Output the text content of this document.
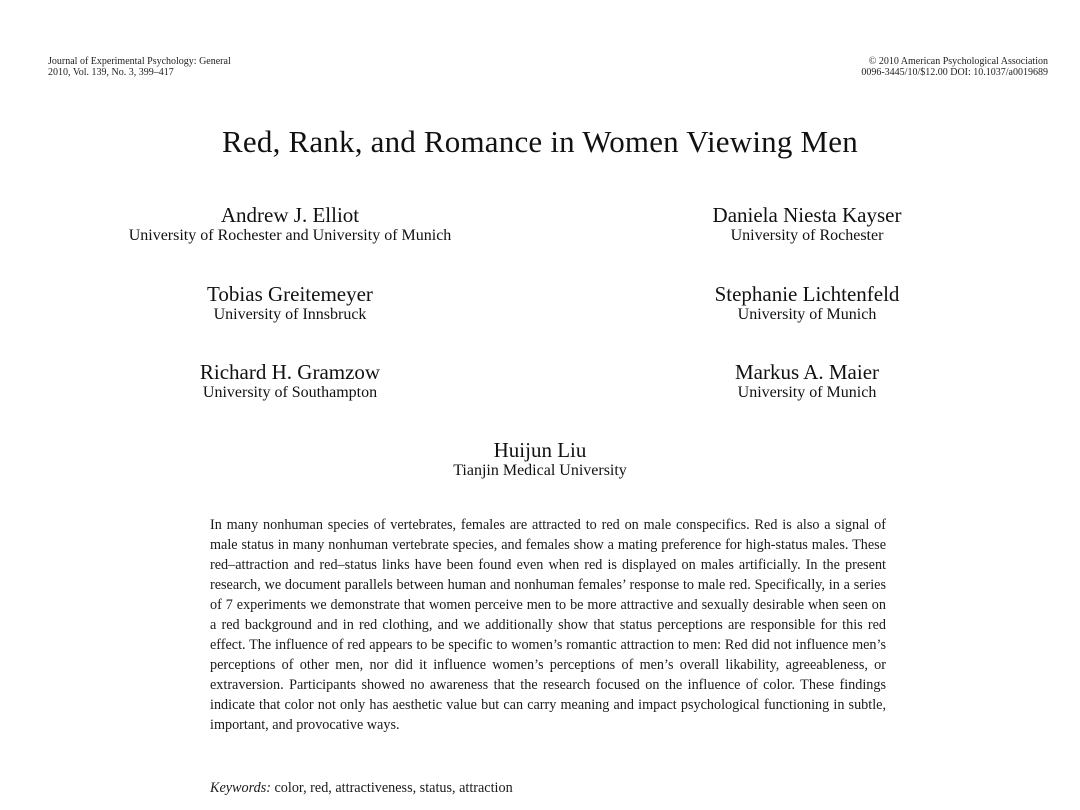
Journal of Experimental Psychology: General
2010, Vol. 139, No. 3, 399–417
© 2010 American Psychological Association
0096-3445/10/$12.00 DOI: 10.1037/a0019689
Red, Rank, and Romance in Women Viewing Men
Andrew J. Elliot
University of Rochester and University of Munich
Daniela Niesta Kayser
University of Rochester
Tobias Greitemeyer
University of Innsbruck
Stephanie Lichtenfeld
University of Munich
Richard H. Gramzow
University of Southampton
Markus A. Maier
University of Munich
Huijun Liu
Tianjin Medical University
In many nonhuman species of vertebrates, females are attracted to red on male conspecifics. Red is also a signal of male status in many nonhuman vertebrate species, and females show a mating preference for high-status males. These red–attraction and red–status links have been found even when red is displayed on males artificially. In the present research, we document parallels between human and nonhuman females’ response to male red. Specifically, in a series of 7 experiments we demonstrate that women perceive men to be more attractive and sexually desirable when seen on a red background and in red clothing, and we additionally show that status perceptions are responsible for this red effect. The influence of red appears to be specific to women’s romantic attraction to men: Red did not influence men’s perceptions of other men, nor did it influence women’s perceptions of men’s overall likability, agreeableness, or extraversion. Participants showed no awareness that the research focused on the influence of color. These findings indicate that color not only has aesthetic value but can carry meaning and impact psychological functioning in subtle, important, and provocative ways.
Keywords: color, red, attractiveness, status, attraction
